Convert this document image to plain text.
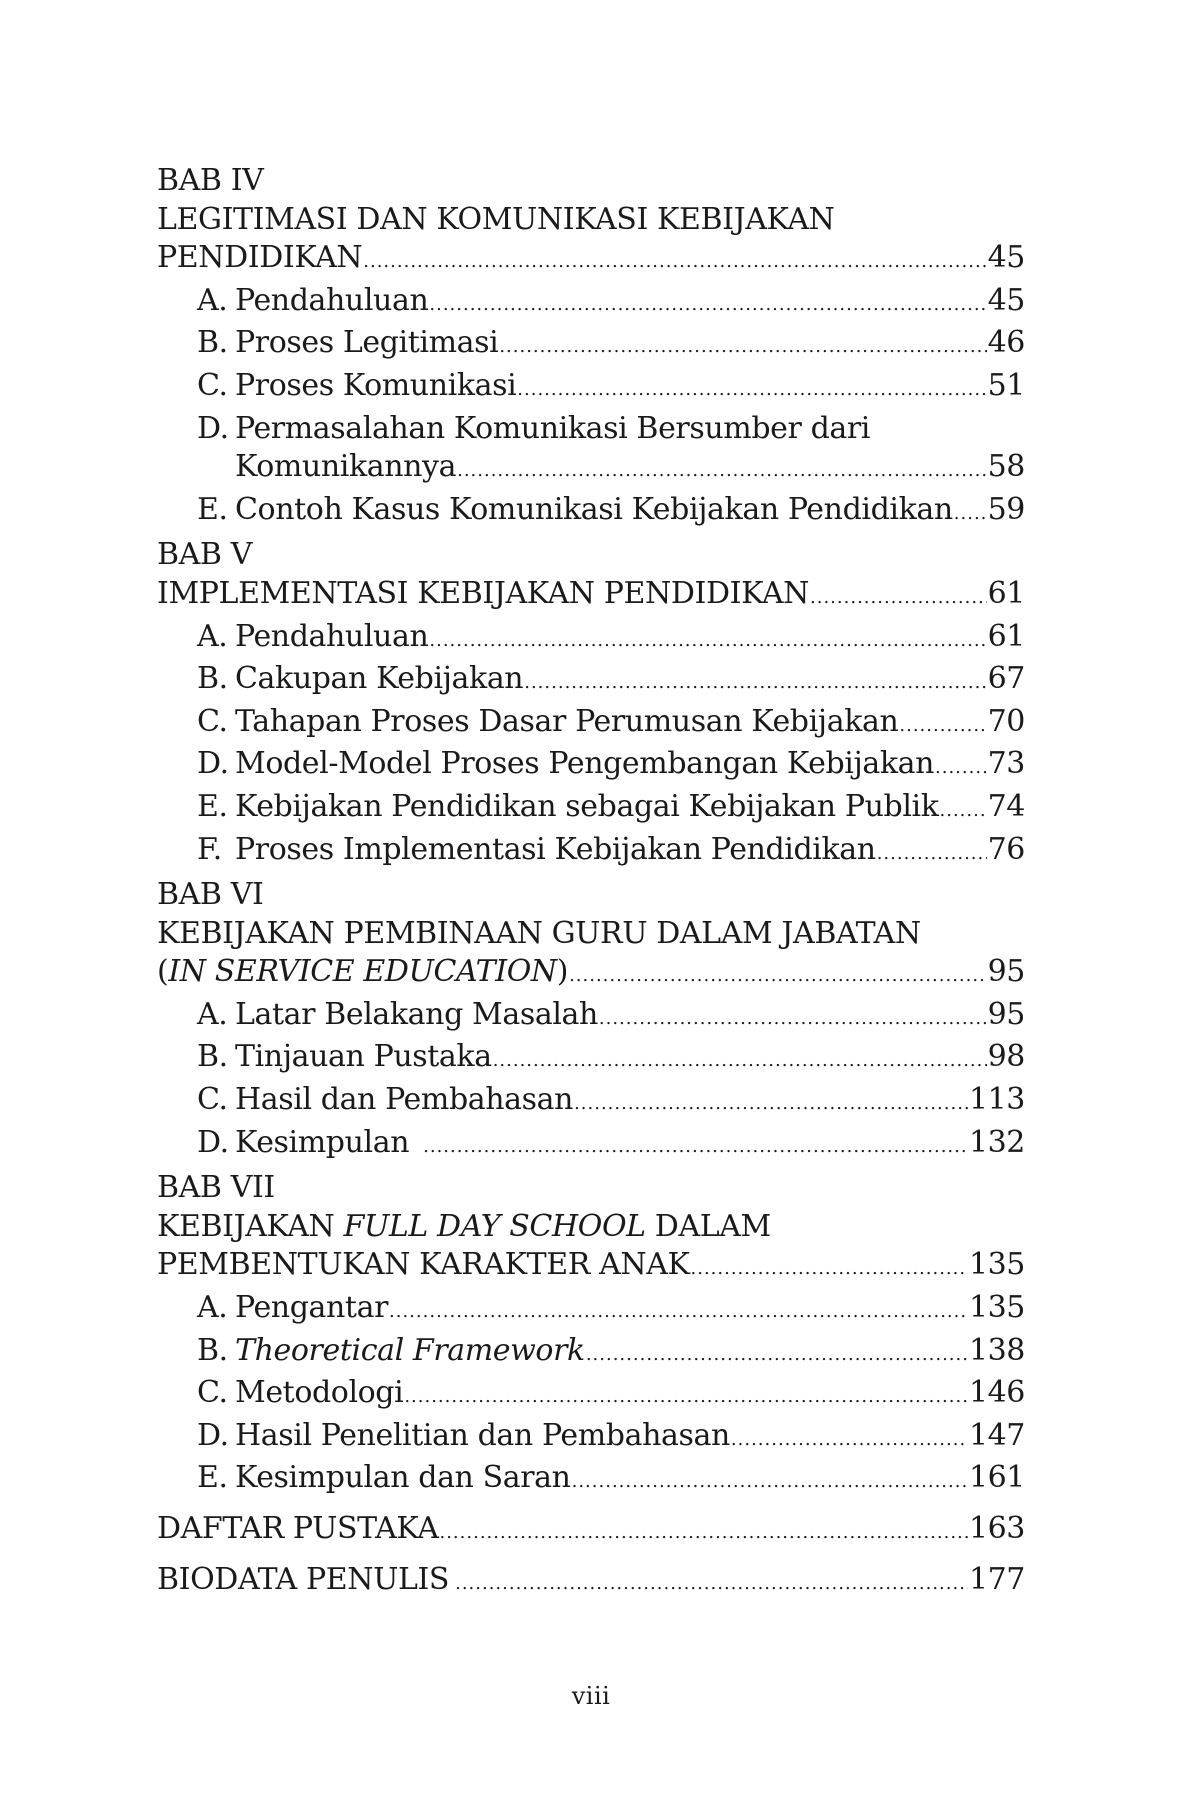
BAB IV
LEGITIMASI DAN KOMUNIKASI KEBIJAKAN
PENDIDIKAN .....	45
A. Pendahuluan .....	45
B. Proses Legitimasi .....	46
C. Proses Komunikasi .....	51
D. Permasalahan Komunikasi Bersumber dari
Komunikannya .....	58
E. Contoh Kasus Komunikasi Kebijakan Pendidikan ..... 59
BAB V
IMPLEMENTASI KEBIJAKAN PENDIDIKAN .....	61
A. Pendahuluan .....	61
B. Cakupan Kebijakan .....	67
C. Tahapan Proses Dasar Perumusan Kebijakan .....	70
D. Model-Model Proses Pengembangan Kebijakan ..... 73
E. Kebijakan Pendidikan sebagai Kebijakan Publik ..... 74
F. Proses Implementasi Kebijakan Pendidikan .....	76
BAB VI
KEBIJAKAN PEMBINAAN GURU DALAM JABATAN
(IN SERVICE EDUCATION) .....	95
A. Latar Belakang Masalah .....	95
B. Tinjauan Pustaka .....	98
C. Hasil dan Pembahasan .....	113
D. Kesimpulan .....	132
BAB VII
KEBIJAKAN FULL DAY SCHOOL DALAM
PEMBENTUKAN KARAKTER ANAK .....	135
A. Pengantar .....	135
B. Theoretical Framework .....	138
C. Metodologi .....	146
D. Hasil Penelitian dan Pembahasan .....	147
E. Kesimpulan dan Saran .....	161
DAFTAR PUSTAKA .....	163
BIODATA PENULIS .....	177
viii
